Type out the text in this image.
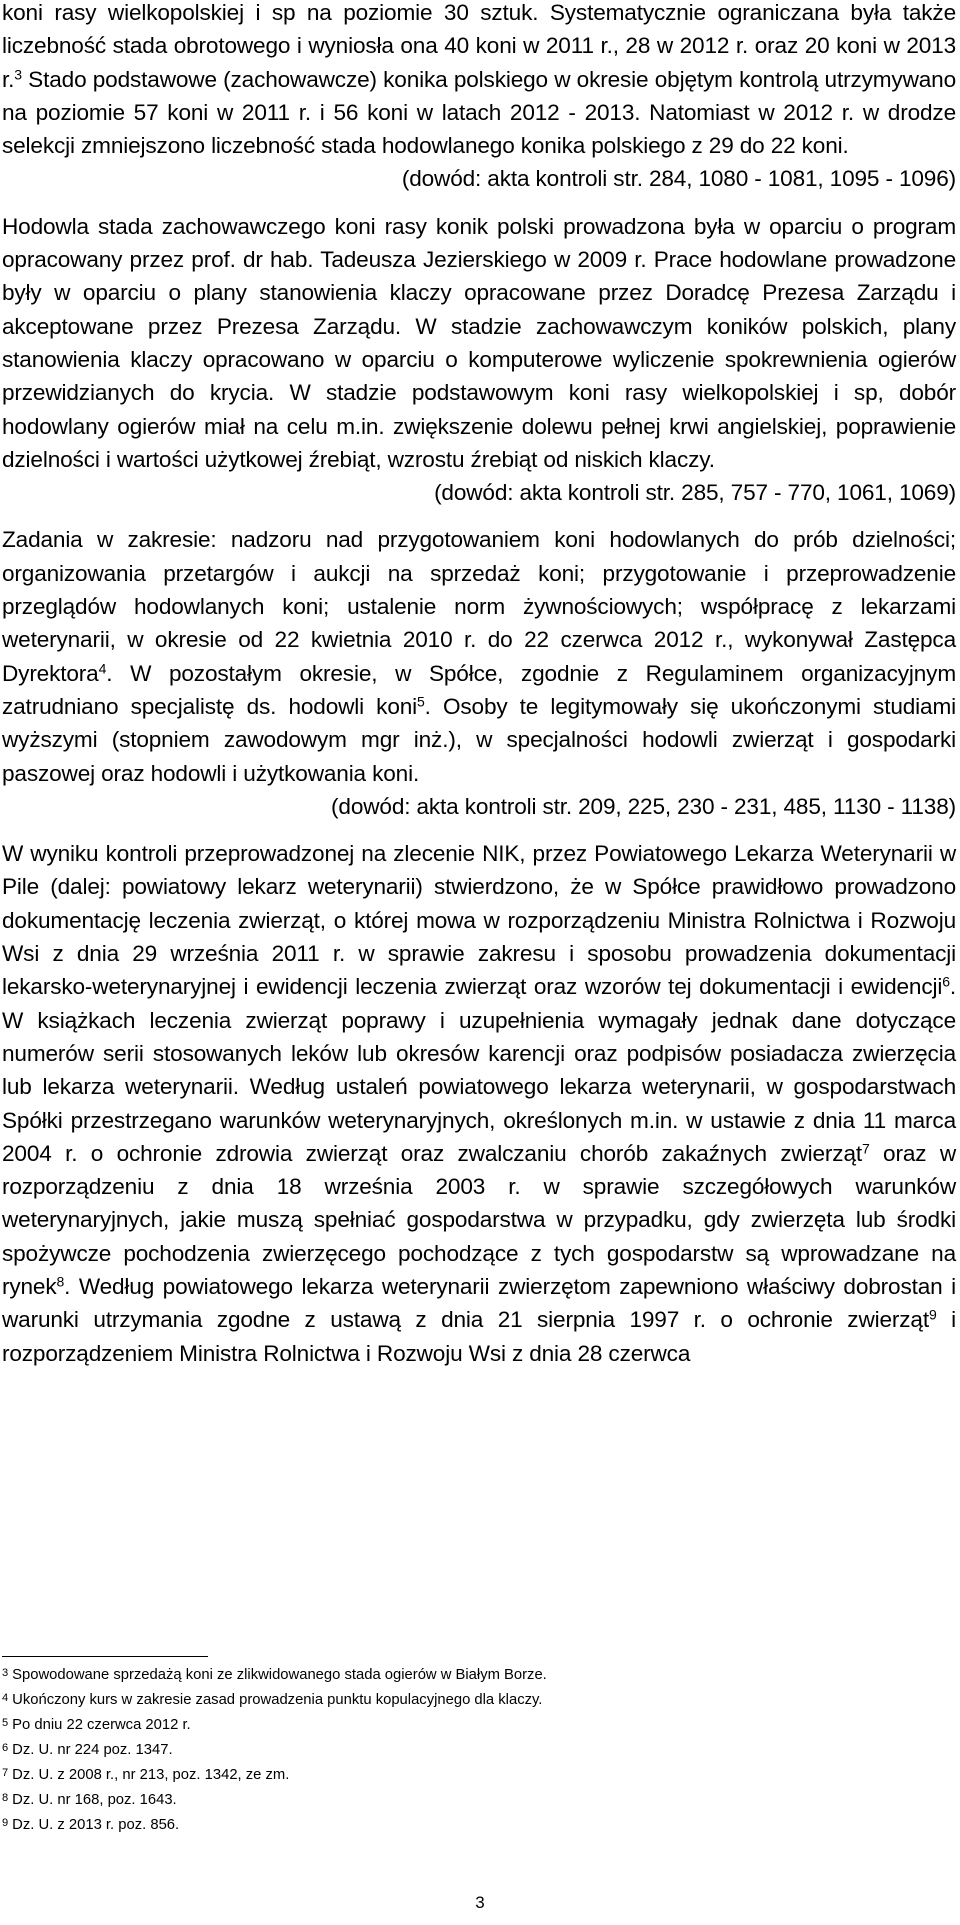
koni rasy wielkopolskiej i sp na poziomie 30 sztuk. Systematycznie ograniczana była także liczebność stada obrotowego i wyniosła ona 40 koni w 2011 r., 28 w 2012 r. oraz 20 koni w 2013 r.$^3$ Stado podstawowe (zachowawcze) konika polskiego w okresie objętym kontrolą utrzymywano na poziomie 57 koni w 2011 r. i 56 koni w latach 2012 - 2013. Natomiast w 2012 r. w drodze selekcji zmniejszono liczebność stada hodowlanego konika polskiego z 29 do 22 koni.
(dowód: akta kontroli str. 284, 1080 - 1081, 1095 - 1096)

Hodowla stada zachowawczego koni rasy konik polski prowadzona była w oparciu o program opracowany przez prof. dr hab. Tadeusza Jezierskiego w 2009 r. Prace hodowlane prowadzone były w oparciu o plany stanowienia klaczy opracowane przez Doradcę Prezesa Zarządu i akceptowane przez Prezesa Zarządu. W stadzie zachowawczym koników polskich, plany stanowienia klaczy opracowano w oparciu o komputerowe wyliczenie spokrewnienia ogierów przewidzianych do krycia. W stadzie podstawowym koni rasy wielkopolskiej i sp, dobór hodowlany ogierów miał na celu m.in. zwiększenie dolewu pełnej krwi angielskiej, poprawienie dzielności i wartości użytkowej źrebiąt, wzrostu źrebiąt od niskich klaczy.
(dowód: akta kontroli str. 285, 757 - 770, 1061, 1069)

Zadania w zakresie: nadzoru nad przygotowaniem koni hodowlanych do prób dzielności; organizowania przetargów i aukcji na sprzedaż koni; przygotowanie i przeprowadzenie przeglądów hodowlanych koni; ustalenie norm żywnościowych; współpracę z lekarzami weterynarii, w okresie od 22 kwietnia 2010 r. do 22 czerwca 2012 r., wykonywał Zastępca Dyrektora$^4$. W pozostałym okresie, w Spółce, zgodnie z Regulaminem organizacyjnym zatrudniano specjalistę ds. hodowli koni$^5$. Osoby te legitymowały się ukończonymi studiami wyższymi (stopniem zawodowym mgr inż.), w specjalności hodowli zwierząt i gospodarki paszowej oraz hodowli i użytkowania koni.
(dowód: akta kontroli str. 209, 225, 230 - 231, 485, 1130 - 1138)

W wyniku kontroli przeprowadzonej na zlecenie NIK, przez Powiatowego Lekarza Weterynarii w Pile (dalej: powiatowy lekarz weterynarii) stwierdzono, że w Spółce prawidłowo prowadzono dokumentację leczenia zwierząt, o której mowa w rozporządzeniu Ministra Rolnictwa i Rozwoju Wsi z dnia 29 września 2011 r. w sprawie zakresu i sposobu prowadzenia dokumentacji lekarsko-weterynaryjnej i ewidencji leczenia zwierząt oraz wzorów tej dokumentacji i ewidencji$^6$. W książkach leczenia zwierząt poprawy i uzupełnienia wymagały jednak dane dotyczące numerów serii stosowanych leków lub okresów karencji oraz podpisów posiadacza zwierzęcia lub lekarza weterynarii. Według ustaleń powiatowego lekarza weterynarii, w gospodarstwach Spółki przestrzegano warunków weterynaryjnych, określonych m.in. w ustawie z dnia 11 marca 2004 r. o ochronie zdrowia zwierząt oraz zwalczaniu chorób zakaźnych zwierząt$^7$ oraz w rozporządzeniu z dnia 18 września 2003 r. w sprawie szczegółowych warunków weterynaryjnych, jakie muszą spełniać gospodarstwa w przypadku, gdy zwierzęta lub środki spożywcze pochodzenia zwierzęcego pochodzące z tych gospodarstw są wprowadzane na rynek$^8$. Według powiatowego lekarza weterynarii zwierzętom zapewniono właściwy dobrostan i warunki utrzymania zgodne z ustawą z dnia 21 sierpnia 1997 r. o ochronie zwierząt$^9$ i rozporządzeniem Ministra Rolnictwa i Rozwoju Wsi z dnia 28 czerwca

$^3$ Spowodowane sprzedażą koni ze zlikwidowanego stada ogierów w Białym Borze.
$^4$ Ukończony kurs w zakresie zasad prowadzenia punktu kopulacyjnego dla klaczy.
$^5$ Po dniu 22 czerwca 2012 r.
$^6$ Dz. U. nr 224 poz. 1347.
$^7$ Dz. U. z 2008 r., nr 213, poz. 1342, ze zm.
$^8$ Dz. U. nr 168, poz. 1643.
$^9$ Dz. U. z 2013 r. poz. 856.
3
